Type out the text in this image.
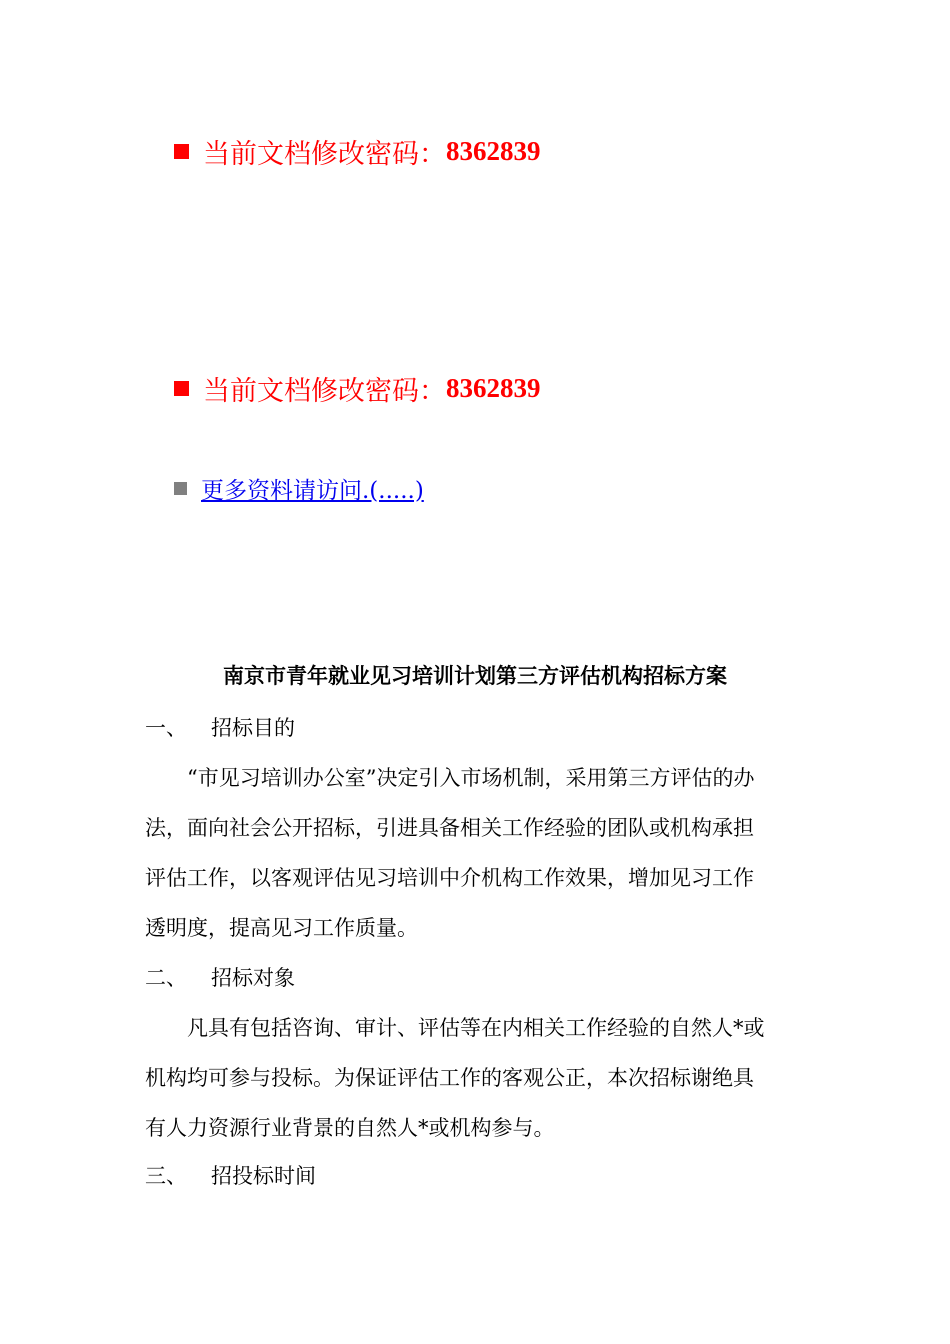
当前文档修改密码： 8362839
当前文档修改密码： 8362839
更多资料请访问.(.....)
南京市青年就业见习培训计划第三方评估机构招标方案
一、	招标目的
“市见习培训办公室”决定引入市场机制，采用第三方评估的办
法，面向社会公开招标，引进具备相关工作经验的团队或机构承担
评估工作，以客观评估见习培训中介机构工作效果，增加见习工作
透明度，提高见习工作质量。
二、	招标对象
凡具有包括咨询、审计、评估等在内相关工作经验的自然人*或
机构均可参与投标。为保证评估工作的客观公正，本次招标谢绝具
有人力资源行业背景的自然人*或机构参与。
三、	招投标时间
